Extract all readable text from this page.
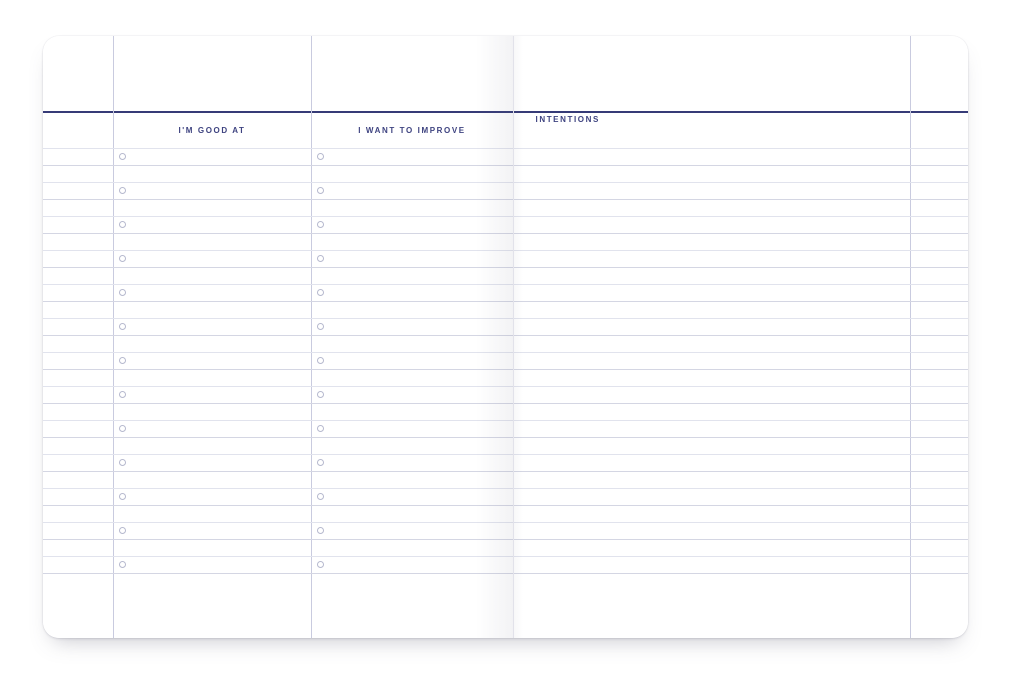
I'M GOOD AT	I WANT TO IMPROVE
INTENTIONS
